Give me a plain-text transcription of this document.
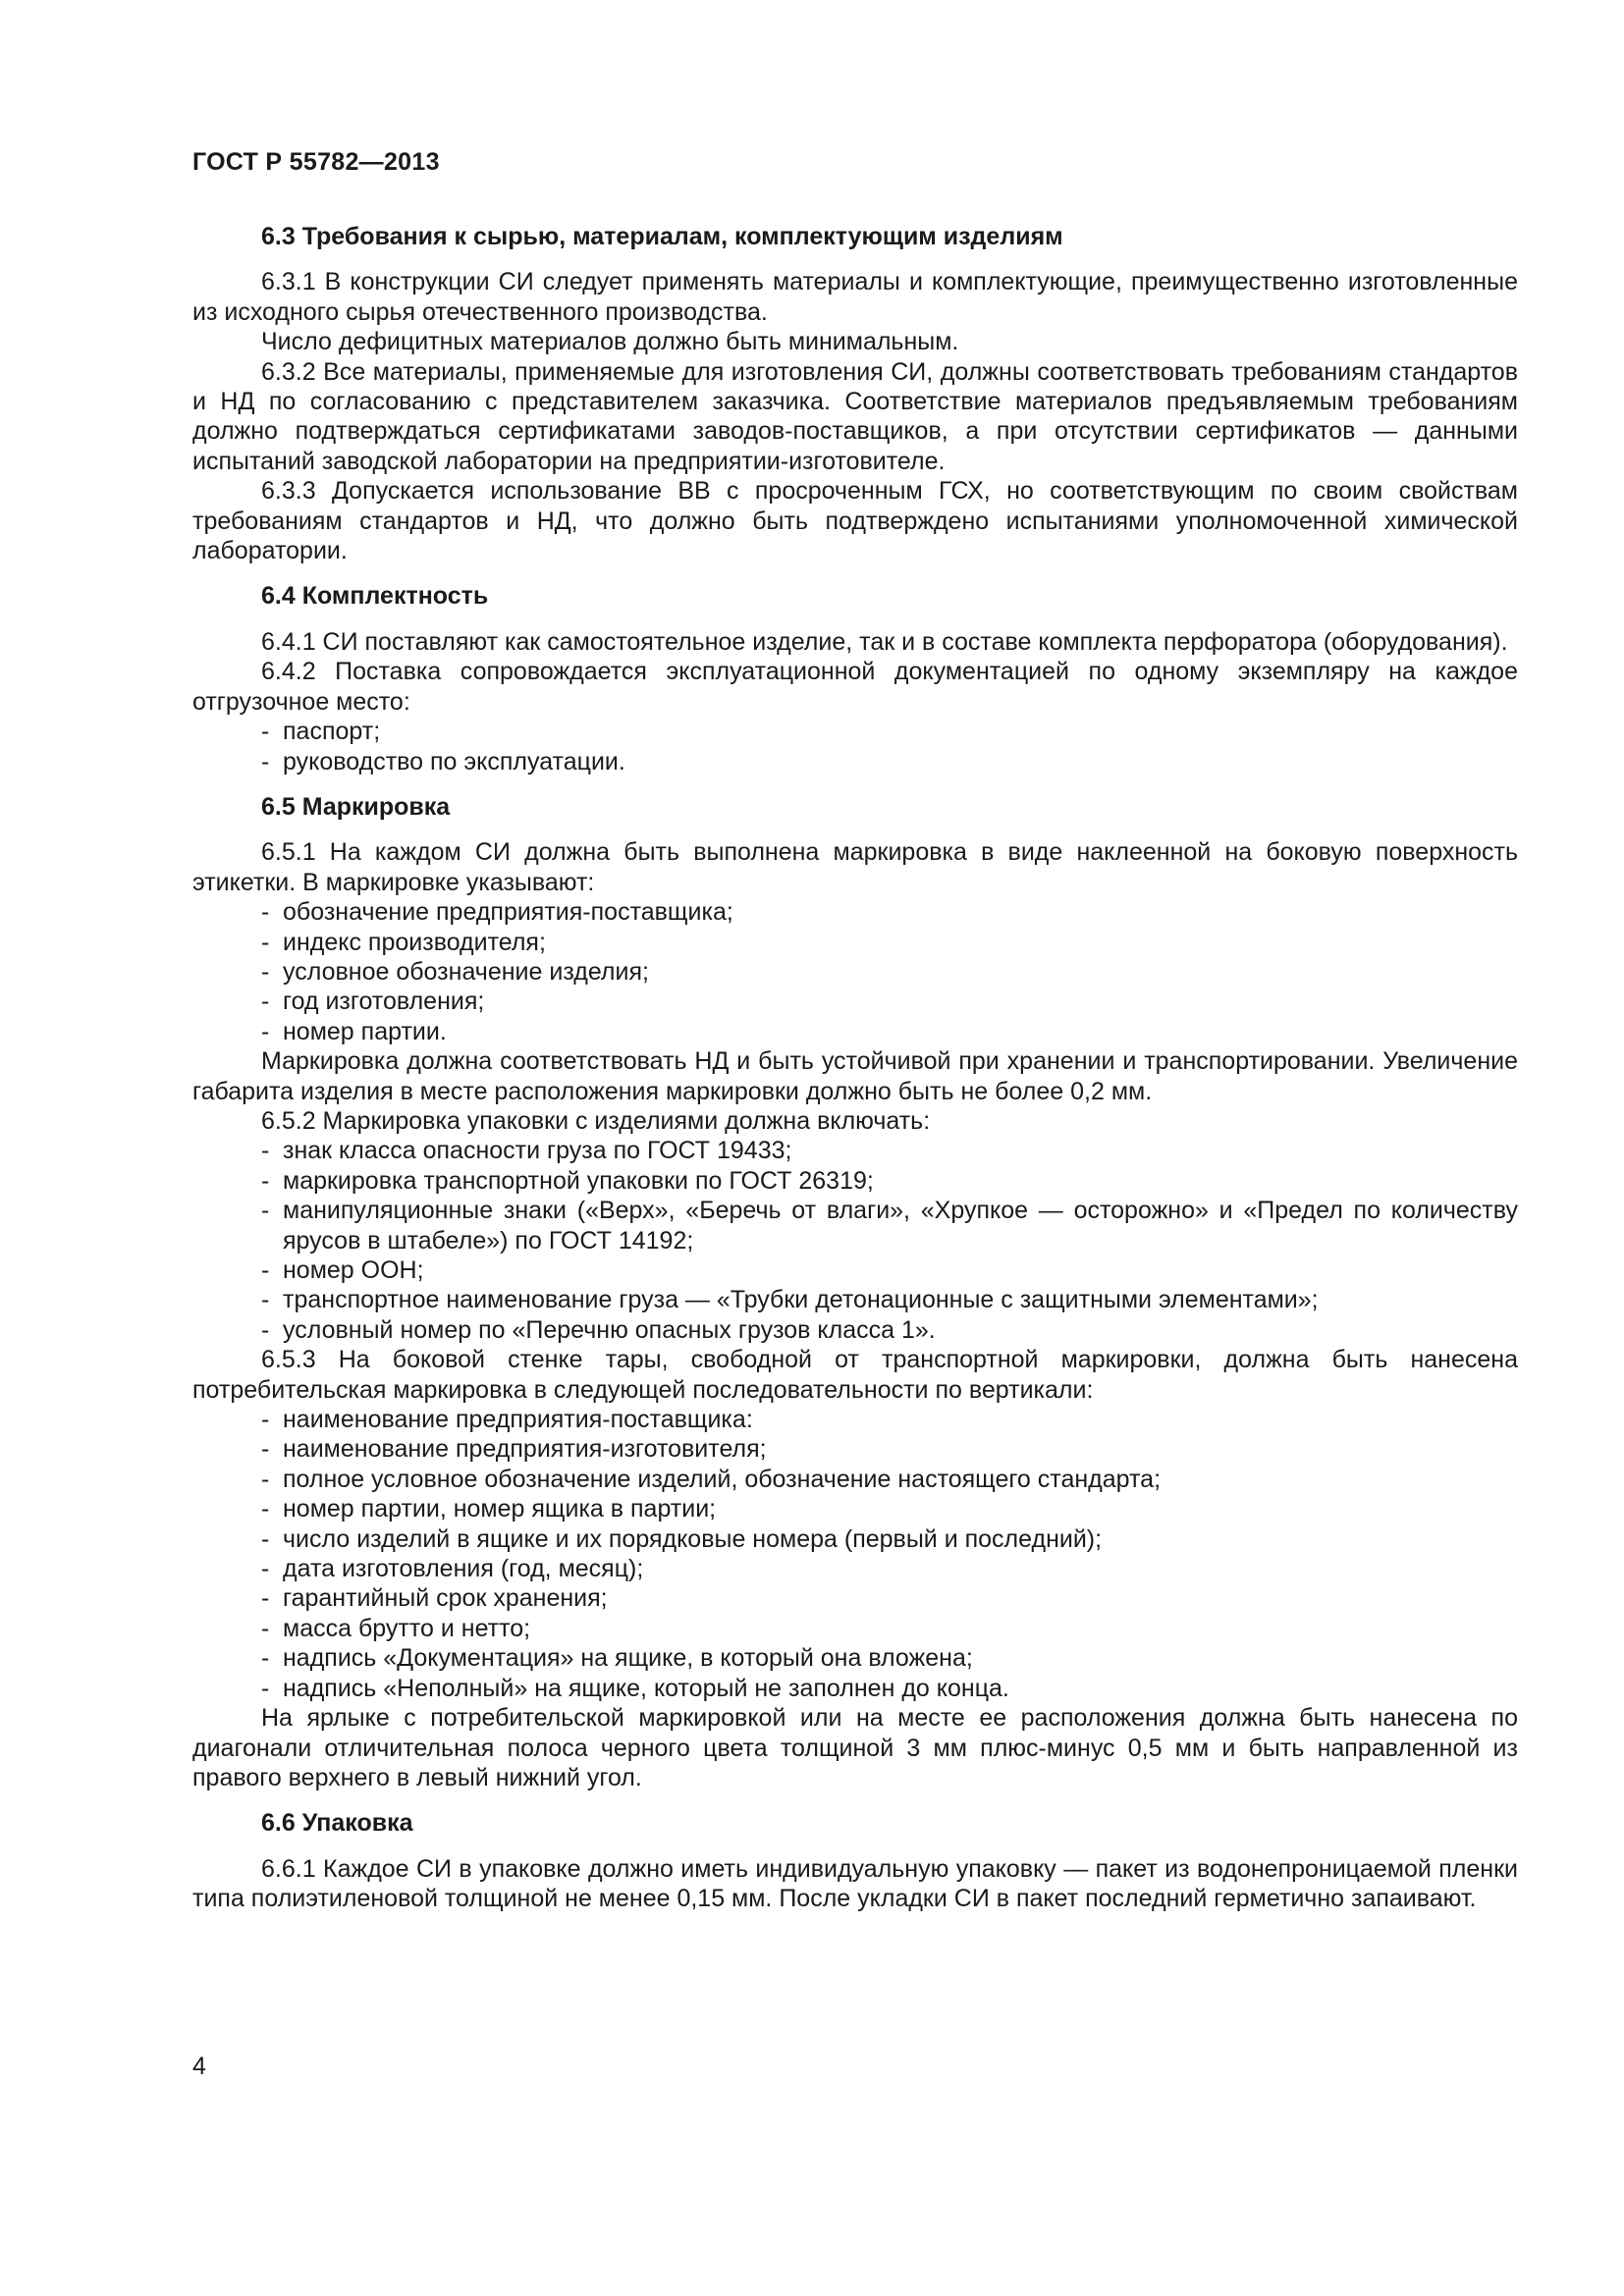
ГОСТ Р 55782—2013
6.3 Требования к сырью, материалам, комплектующим изделиям

6.3.1 В конструкции СИ следует применять материалы и комплектующие, преимущественно изготовленные из исходного сырья отечественного производства.

Число дефицитных материалов должно быть минимальным.

6.3.2 Все материалы, применяемые для изготовления СИ, должны соответствовать требованиям стандартов и НД по согласованию с представителем заказчика. Соответствие материалов предъявляемым требованиям должно подтверждаться сертификатами заводов-поставщиков, а при отсутствии сертификатов — данными испытаний заводской лаборатории на предприятии-изготовителе.

6.3.3 Допускается использование ВВ с просроченным ГСХ, но соответствующим по своим свойствам требованиям стандартов и НД, что должно быть подтверждено испытаниями уполномоченной химической лаборатории.

6.4 Комплектность

6.4.1 СИ поставляют как самостоятельное изделие, так и в составе комплекта перфоратора (оборудования).

6.4.2 Поставка сопровождается эксплуатационной документацией по одному экземпляру на каждое отгрузочное место:

- паспорт;
- руководство по эксплуатации.
6.5 Маркировка

6.5.1 На каждом СИ должна быть выполнена маркировка в виде наклеенной на боковую поверхность этикетки. В маркировке указывают:

- обозначение предприятия-поставщика;
- индекс производителя;
- условное обозначение изделия;
- год изготовления;
- номер партии.

Маркировка должна соответствовать НД и быть устойчивой при хранении и транспортировании. Увеличение габарита изделия в месте расположения маркировки должно быть не более 0,2 мм.

6.5.2 Маркировка упаковки с изделиями должна включать:

- знак класса опасности груза по ГОСТ 19433;
- маркировка транспортной упаковки по ГОСТ 26319;
- манипуляционные знаки («Верх», «Беречь от влаги», «Хрупкое — осторожно» и «Предел по количеству ярусов в штабеле») по ГОСТ 14192;
- номер ООН;
- транспортное наименование груза — «Трубки детонационные с защитными элементами»;
- условный номер по «Перечню опасных грузов класса 1».

6.5.3 На боковой стенке тары, свободной от транспортной маркировки, должна быть нанесена потребительская маркировка в следующей последовательности по вертикали:

- наименование предприятия-поставщика:
- наименование предприятия-изготовителя;
- полное условное обозначение изделий, обозначение настоящего стандарта;
- номер партии, номер ящика в партии;
- число изделий в ящике и их порядковые номера (первый и последний);
- дата изготовления (год, месяц);
- гарантийный срок хранения;
- масса брутто и нетто;
- надпись «Документация» на ящике, в который она вложена;
- надпись «Неполный» на ящике, который не заполнен до конца.

На ярлыке с потребительской маркировкой или на месте ее расположения должна быть нанесена по диагонали отличительная полоса черного цвета толщиной 3 мм плюс-минус 0,5 мм и быть направленной из правого верхнего в левый нижний угол.

6.6 Упаковка

6.6.1 Каждое СИ в упаковке должно иметь индивидуальную упаковку — пакет из водонепроницаемой пленки типа полиэтиленовой толщиной не менее 0,15 мм. После укладки СИ в пакет последний герметично запаивают.

4
